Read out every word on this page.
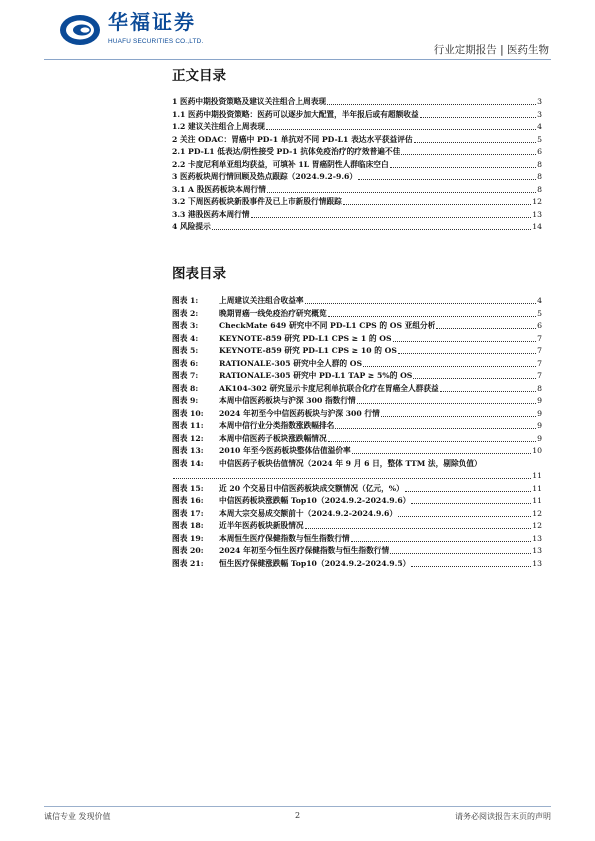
华福证券
HUAFU SECURITIES CO.,LTD.
行业定期报告 | 医药生物
正文目录
1 医药中期投资策略及建议关注组合上周表现	3
1.1 医药中期投资策略：医药可以逐步加大配置，半年报后或有超额收益	3
1.2 建议关注组合上周表现	4
2 关注 ODAC：胃癌中 PD-1 单抗对不同 PD-L1 表达水平获益评估	5
2.1 PD-L1 低表达/阴性接受 PD-1 抗体免疫治疗的疗效普遍不佳	6
2.2 卡度尼利单亚组均获益，可填补 1L 胃癌阴性人群临床空白	8
3 医药板块周行情回顾及热点跟踪（2024.9.2-9.6）	8
3.1 A 股医药板块本周行情	8
3.2 下周医药板块新股事件及已上市新股行情跟踪	12
3.3 港股医药本周行情	13
4 风险提示	14
图表目录
图表 1:	上周建议关注组合收益率	4
图表 2:	晚期胃癌一线免疫治疗研究概览	5
图表 3:	CheckMate 649 研究中不同 PD-L1 CPS 的 OS 亚组分析	6
图表 4:	KEYNOTE-859 研究 PD-L1 CPS ≥ 1 的 OS	7
图表 5:	KEYNOTE-859 研究 PD-L1 CPS ≥ 10 的 OS	7
图表 6:	RATIONALE-305 研究中全人群的 OS	7
图表 7:	RATIONALE-305 研究中 PD-L1 TAP ≥ 5%的 OS	7
图表 8:	AK104-302 研究显示卡度尼利单抗联合化疗在胃癌全人群获益	8
图表 9:	本周中信医药板块与沪深 300 指数行情	9
图表 10:	2024 年初至今中信医药板块与沪深 300 行情	9
图表 11:	本周中信行业分类指数涨跌幅排名	9
图表 12:	本周中信医药子板块涨跌幅情况	9
图表 13:	2010 年至今医药板块整体估值溢价率	10
图表 14:	中信医药子板块估值情况（2024 年 9 月 6 日，整体 TTM 法，剔除负值）
11
图表 15:	近 20 个交易日中信医药板块成交额情况（亿元，%）	11
图表 16:	中信医药板块涨跌幅 Top10（2024.9.2-2024.9.6）	11
图表 17:	本周大宗交易成交额前十（2024.9.2-2024.9.6）	12
图表 18:	近半年医药板块新股情况	12
图表 19:	本周恒生医疗保健指数与恒生指数行情	13
图表 20:	2024 年初至今恒生医疗保健指数与恒生指数行情	13
图表 21:	恒生医疗保健涨跌幅 Top10（2024.9.2-2024.9.5）	13
诚信专业 发现价值	2	请务必阅读报告末页的声明
